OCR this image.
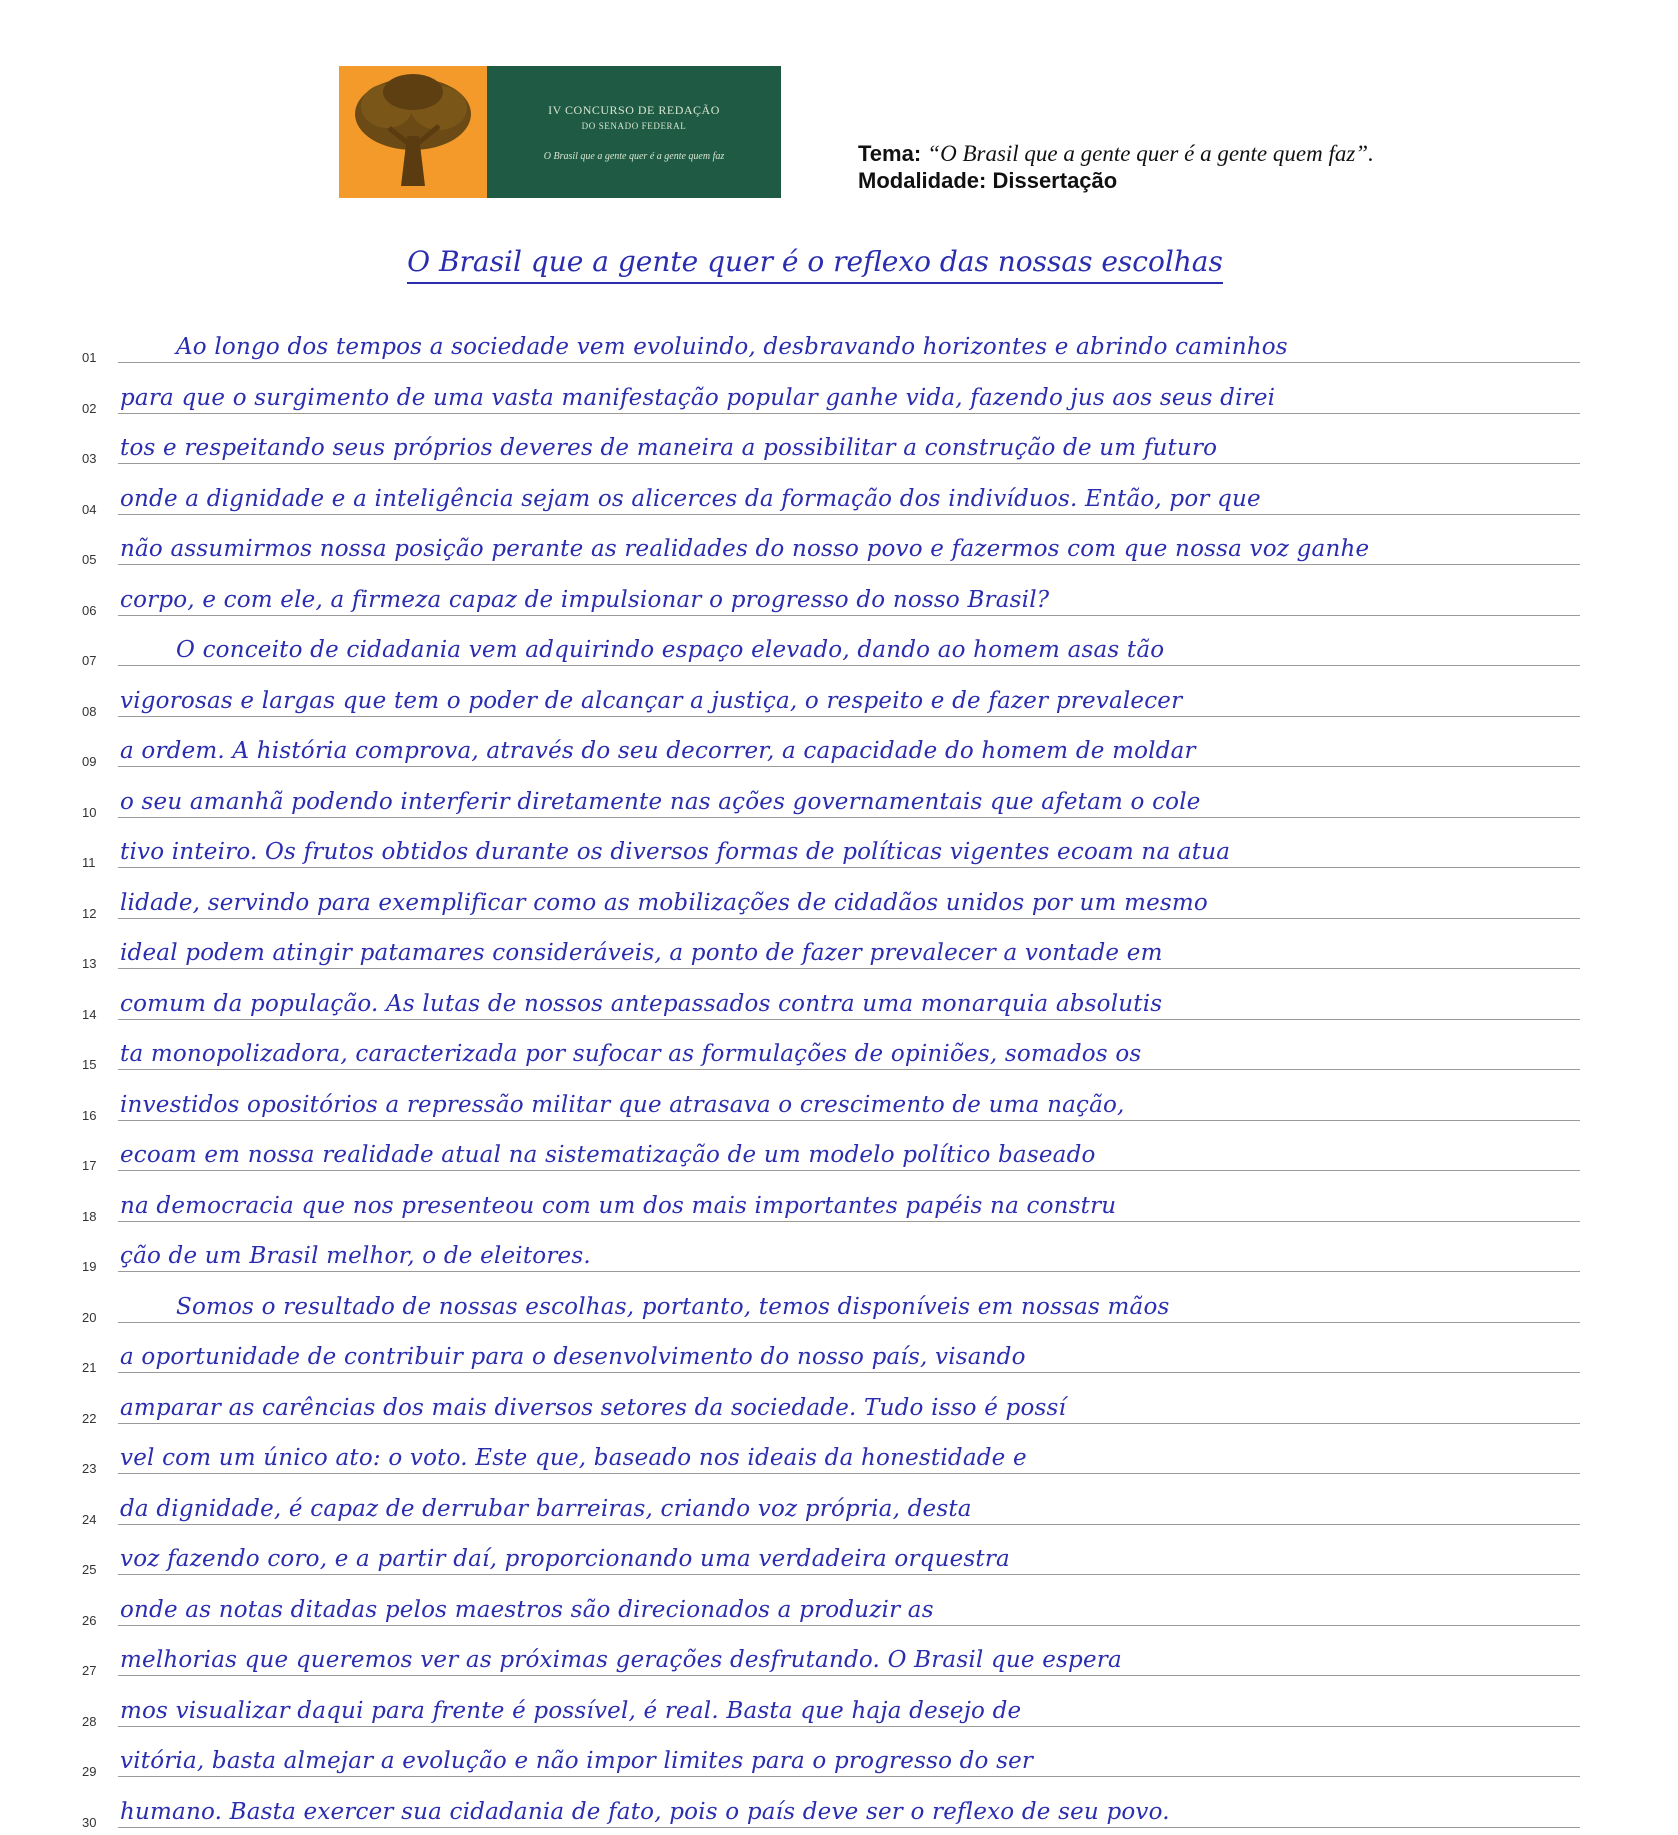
IV CONCURSO DE REDAÇÃO
DO SENADO FEDERAL
O Brasil que a gente quer é a gente quem faz	Tema: “O Brasil que a gente quer é a gente quem faz”.
Modalidade: Dissertação
O Brasil que a gente quer é o reflexo das nossas escolhas
01	Ao longo dos tempos a sociedade vem evoluindo, desbravando horizontes e abrindo caminhos
02	para que o surgimento de uma vasta manifestação popular ganhe vida, fazendo jus aos seus direi
03	tos e respeitando seus próprios deveres de maneira a possibilitar a construção de um futuro
04	onde a dignidade e a inteligência sejam os alicerces da formação dos indivíduos. Então, por que
05	não assumirmos nossa posição perante as realidades do nosso povo e fazermos com que nossa voz ganhe
06	corpo, e com ele, a firmeza capaz de impulsionar o progresso do nosso Brasil?
07	O conceito de cidadania vem adquirindo espaço elevado, dando ao homem asas tão
08	vigorosas e largas que tem o poder de alcançar a justiça, o respeito e de fazer prevalecer
09	a ordem. A história comprova, através do seu decorrer, a capacidade do homem de moldar
10	o seu amanhã podendo interferir diretamente nas ações governamentais que afetam o cole
11	tivo inteiro. Os frutos obtidos durante os diversos formas de políticas vigentes ecoam na atua
12	lidade, servindo para exemplificar como as mobilizações de cidadãos unidos por um mesmo
13	ideal podem atingir patamares consideráveis, a ponto de fazer prevalecer a vontade em
14	comum da população. As lutas de nossos antepassados contra uma monarquia absolutis
15	ta monopolizadora, caracterizada por sufocar as formulações de opiniões, somados os
16	investidos opositórios a repressão militar que atrasava o crescimento de uma nação,
17	ecoam em nossa realidade atual na sistematização de um modelo político baseado
18	na democracia que nos presenteou com um dos mais importantes papéis na constru
19	ção de um Brasil melhor, o de eleitores.
20	Somos o resultado de nossas escolhas, portanto, temos disponíveis em nossas mãos
21	a oportunidade de contribuir para o desenvolvimento do nosso país, visando
22	amparar as carências dos mais diversos setores da sociedade. Tudo isso é possí
23	vel com um único ato: o voto. Este que, baseado nos ideais da honestidade e
24	da dignidade, é capaz de derrubar barreiras, criando voz própria, desta
25	voz fazendo coro, e a partir daí, proporcionando uma verdadeira orquestra
26	onde as notas ditadas pelos maestros são direcionados a produzir as
27	melhorias que queremos ver as próximas gerações desfrutando. O Brasil que espera
28	mos visualizar daqui para frente é possível, é real. Basta que haja desejo de
29	vitória, basta almejar a evolução e não impor limites para o progresso do ser
30	humano. Basta exercer sua cidadania de fato, pois o país deve ser o reflexo de seu povo.
